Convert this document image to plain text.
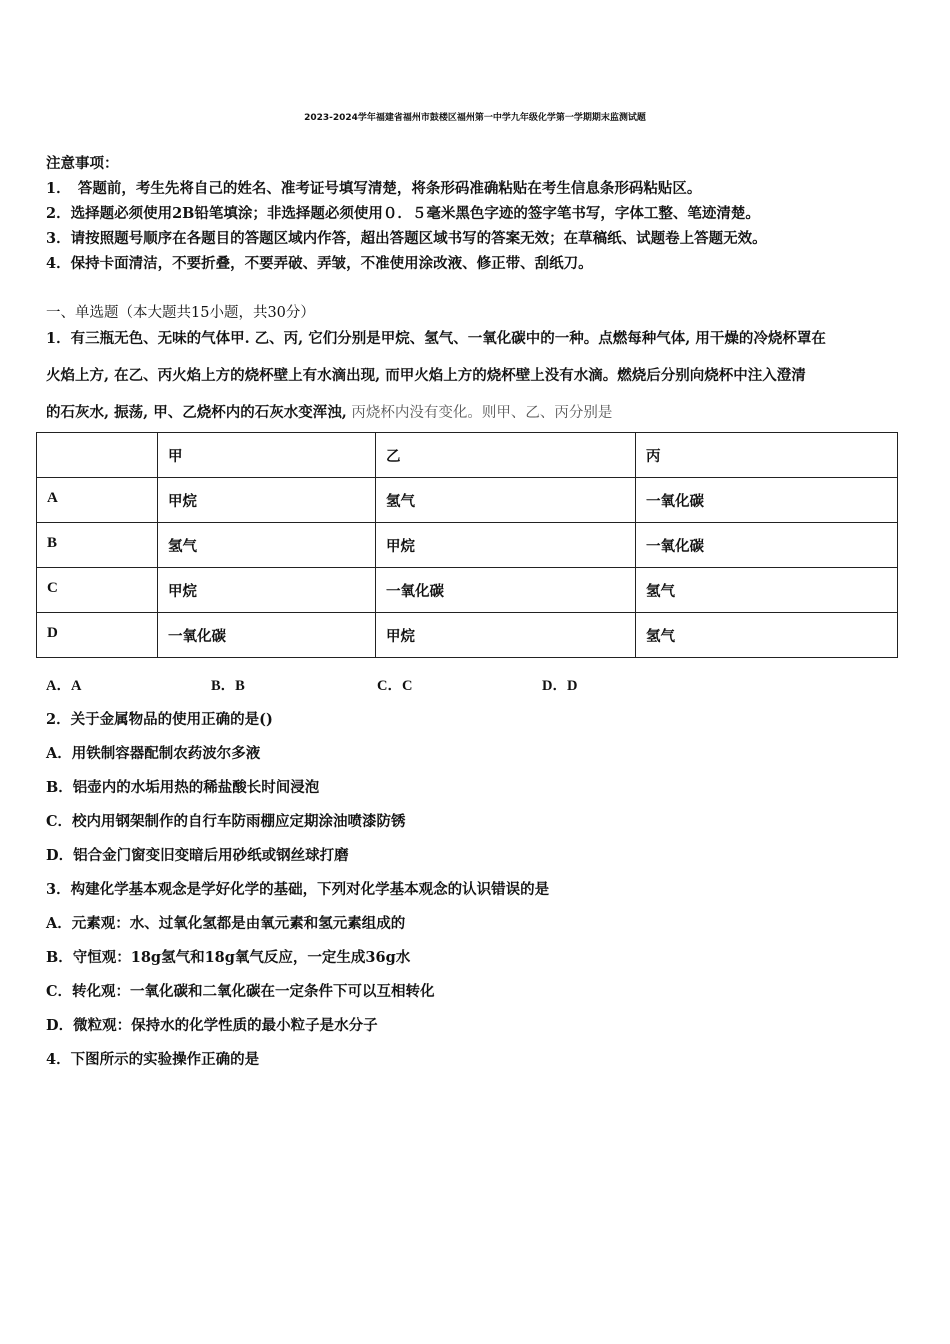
2023-2024学年福建省福州市鼓楼区福州第一中学九年级化学第一学期期末监测试题
注意事项：
1．　答题前，考生先将自己的姓名、准考证号填写清楚，将条形码准确粘贴在考生信息条形码粘贴区。
2．选择题必须使用2B铅笔填涂；非选择题必须使用０．５毫米黑色字迹的签字笔书写，字体工整、笔迹清楚。
3．请按照题号顺序在各题目的答题区域内作答，超出答题区域书写的答案无效；在草稿纸、试题卷上答题无效。
4．保持卡面清洁，不要折叠，不要弄破、弄皱，不准使用涂改液、修正带、刮纸刀。
一、单选题（本大题共15小题，共30分）
1．有三瓶无色、无味的气体甲. 乙、丙, 它们分别是甲烷、氢气、一氧化碳中的一种。点燃每种气体, 用干燥的冷烧杯罩在
火焰上方, 在乙、丙火焰上方的烧杯壁上有水滴出现, 而甲火焰上方的烧杯壁上没有水滴。燃烧后分别向烧杯中注入澄清
的石灰水, 振荡, 甲、乙烧杯内的石灰水变浑浊, 丙烧杯内没有变化。则甲、乙、丙分别是
	甲	乙	丙
A	甲烷	氢气	一氧化碳
B	氢气	甲烷	一氧化碳
C	甲烷	一氧化碳	氢气
D	一氧化碳	甲烷	氢气
A．A	B．B	C．C	D．D
2．关于金属物品的使用正确的是()
A．用铁制容器配制农药波尔多液
B．铝壶内的水垢用热的稀盐酸长时间浸泡
C．校内用钢架制作的自行车防雨棚应定期涂油喷漆防锈
D．铝合金门窗变旧变暗后用砂纸或钢丝球打磨
3．构建化学基本观念是学好化学的基础，下列对化学基本观念的认识错误的是
A．元素观：水、过氧化氢都是由氧元素和氢元素组成的
B．守恒观：18g氢气和18g氧气反应，一定生成36g水
C．转化观：一氧化碳和二氧化碳在一定条件下可以互相转化
D．微粒观：保持水的化学性质的最小粒子是水分子
4．下图所示的实验操作正确的是
